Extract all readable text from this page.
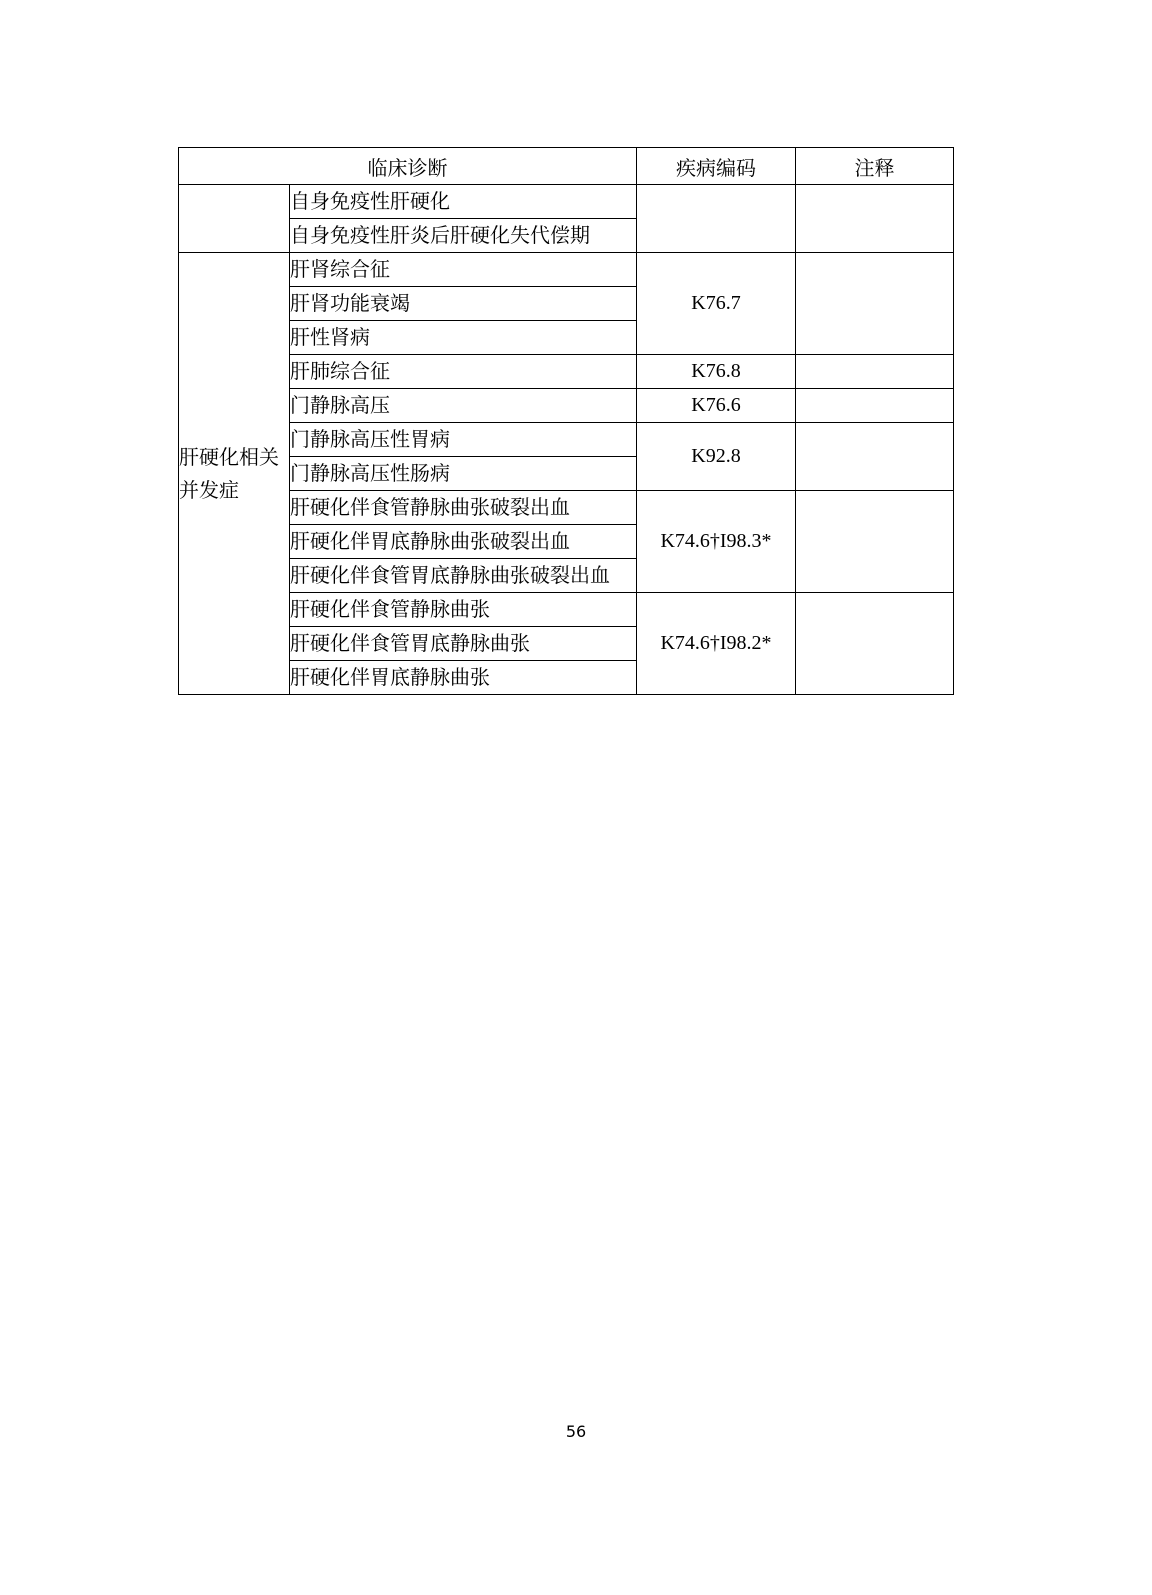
临床诊断		疾病编码	注释
	自身免疫性肝硬化		
	自身免疫性肝炎后肝硬化失代偿期		
肝硬化相关并发症	肝肾综合征	K76.7	
	肝肾功能衰竭		
	肝性肾病		
	肝肺综合征	K76.8	
	门静脉高压	K76.6	
	门静脉高压性胃病	K92.8	
	门静脉高压性肠病		
	肝硬化伴食管静脉曲张破裂出血	K74.6†I98.3*	
	肝硬化伴胃底静脉曲张破裂出血		
	肝硬化伴食管胃底静脉曲张破裂出血		
	肝硬化伴食管静脉曲张	K74.6†I98.2*	
	肝硬化伴食管胃底静脉曲张		
	肝硬化伴胃底静脉曲张		
56
